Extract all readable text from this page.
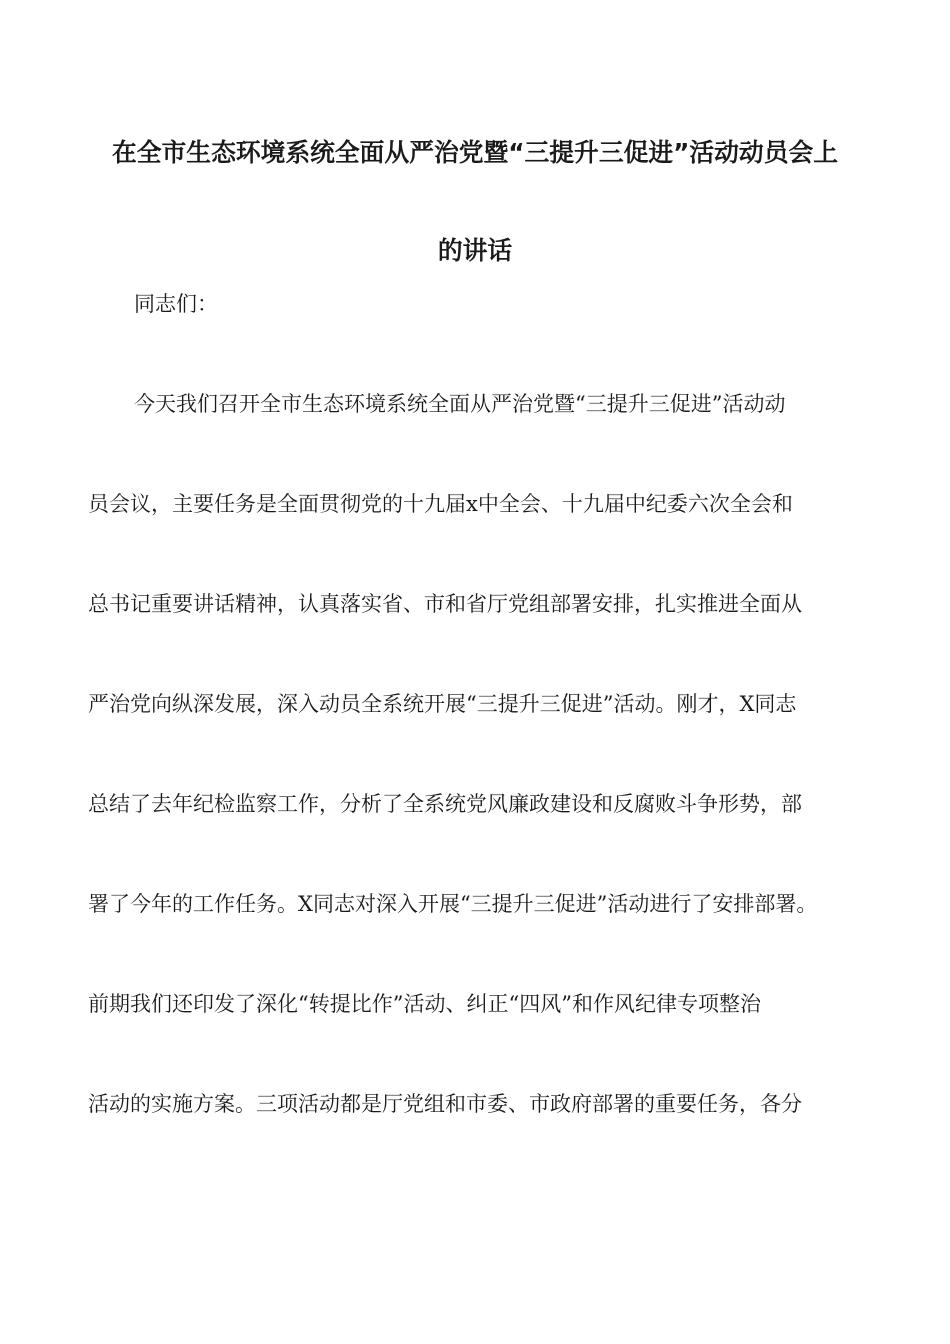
在全市生态环境系统全面从严治党暨“三提升三促进”活动动员会上
的讲话
同志们：
今天我们召开全市生态环境系统全面从严治党暨“三提升三促进”活动动
员会议，主要任务是全面贯彻党的十九届x中全会、十九届中纪委六次全会和
总书记重要讲话精神，认真落实省、市和省厅党组部署安排，扎实推进全面从
严治党向纵深发展，深入动员全系统开展“三提升三促进”活动。刚才，X同志
总结了去年纪检监察工作，分析了全系统党风廉政建设和反腐败斗争形势，部
署了今年的工作任务。X同志对深入开展“三提升三促进”活动进行了安排部署。
前期我们还印发了深化“转提比作”活动、纠正“四风”和作风纪律专项整治
活动的实施方案。三项活动都是厅党组和市委、市政府部署的重要任务，各分
